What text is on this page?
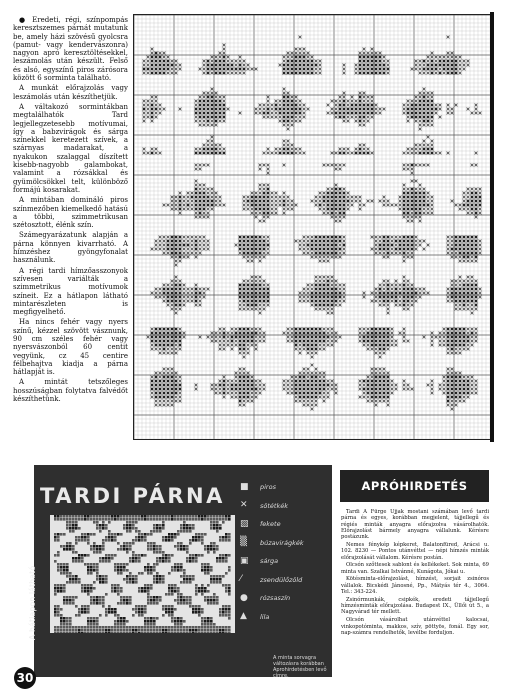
● Eredeti, régi, színpompás keresztszemes párnát mutatunk be, amely házi szövésű gyolcsra (pamut- vagy kendervászonra) nagyon apró keresztöltésekkel, leszámolás után készült. Felső és alsó, egyszínű piros zárósora között 6 sorminta található.

A munkát előrajzolás vagy leszámolás után készíthetjük.

A váltakozó sormintákban megtalálhatók Tard legjellegzetesebb motívumai, így a babzvirágok és sárga színekkel keretezett szívek, a szárnyas madarakat, a nyakukon szalaggal díszített kisebb-nagyobb galambokat, valamint a rózsákkal és gyümölcsökkel telt, különböző formájú kosarakat.

A mintában domináló piros színmezőben kiemelkedő hatású a többi, szimmetrikusan szétosztott, élénk szín.

Számegyarázatunk alapján a párna könnyen kivarrható. A hímzéshez gyöngyfonalat használunk.

A régi tardi hímzőasszonyok szívesen variálták a szimmetrikus motívumok színeit. Ez a hátlapon látható mintarészleten is megfigyelhető.

Ha nincs fehér vagy nyers színű, kézzel szövött vásznunk, 90 cm széles fehér vagy nyersvászonból 60 centit vegyünk, cz 45 centire félbehajtva kiadja a párna hátlapját is.

A mintát tetszőleges hosszúságban folytatva falvédőt készíthetünk.

TARDI PÁRNA
A hátlapon látható
■	piros
✕	sötétkék
▨	fekete
▒	búzavirágkék
▣	sárga
⁄	zsendülőzöld
●	rózsaszín
▲	lila
A minta sorvagra változásra korábban Aprohirdetésben levő címre.
30
APRÓHIRDETÉS

Tardi A Fürge Ujjak mostani számában levő tardi párna és egyes, korábban megjelent, tájjellegű és régiés minták anyagra előrajzolva vásárolhatók. Előrajzolást bármely anyagra vállalunk. Kérésre postázunk.

Nemes fénykép képkeret, Balatonfüred, Arácsi u. 102. 8230 — Pontos utánvéttel — népi hímzés minták előrajzolását vállalom. Kérésre postán.

Olcsón szőttesek sablont és kellékeket. Sok minta, 69 minta van. Szalkai Istvánné, Kunágota, Jókai u.

Kötésminta-előrajzolást, hímzést, sorjait zsinóros vállalok. Bicskédi Jánosné, Pp., Mátyás tér 4., 3064. Tel.: 343-224.

Zsinórmunkák, csipkék, eredeti tájjellegű hímzésminták előrajzolása. Budapest IX., Üllői út 5., a Nagyvárad tér mellett.

Olcsón vásárolhat utánvéttel kalocsai, vinkopotóminta, makkos, szív, pöttyös, fonál. Egy sor, nap-számra rendelhetők, levélbe forduljon.
